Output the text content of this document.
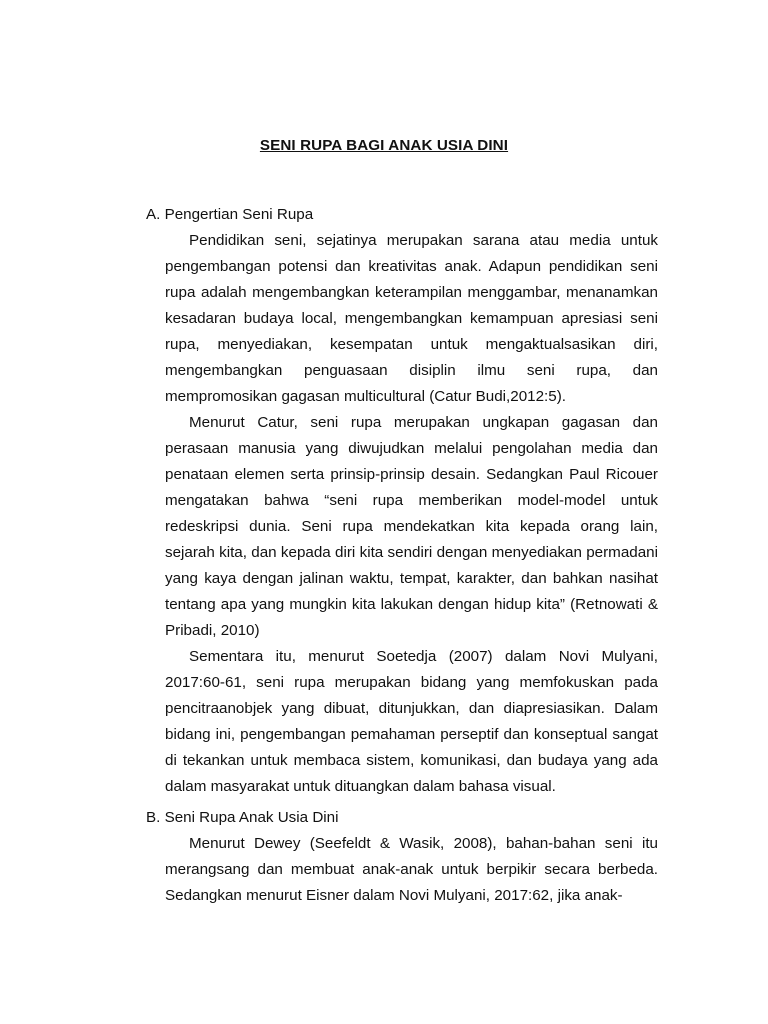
SENI RUPA BAGI ANAK USIA DINI
A. Pengertian Seni Rupa

Pendidikan seni, sejatinya merupakan sarana atau media untuk pengembangan potensi dan kreativitas anak. Adapun pendidikan seni rupa adalah mengembangkan keterampilan menggambar, menanamkan kesadaran budaya local, mengembangkan kemampuan apresiasi seni rupa, menyediakan, kesempatan untuk mengaktualsasikan diri, mengembangkan penguasaan disiplin ilmu seni rupa, dan mempromosikan gagasan multicultural (Catur Budi,2012:5).

Menurut Catur, seni rupa merupakan ungkapan gagasan dan perasaan manusia yang diwujudkan melalui pengolahan media dan penataan elemen serta prinsip-prinsip desain. Sedangkan Paul Ricouer mengatakan bahwa “seni rupa memberikan model-model untuk redeskripsi dunia. Seni rupa mendekatkan kita kepada orang lain, sejarah kita, dan kepada diri kita sendiri dengan menyediakan permadani yang kaya dengan jalinan waktu, tempat, karakter, dan bahkan nasihat tentang apa yang mungkin kita lakukan dengan hidup kita” (Retnowati & Pribadi, 2010)

Sementara itu, menurut Soetedja (2007) dalam Novi Mulyani, 2017:60-61, seni rupa merupakan bidang yang memfokuskan pada pencitraanobjek yang dibuat, ditunjukkan, dan diapresiasikan. Dalam bidang ini, pengembangan pemahaman perseptif dan konseptual sangat di tekankan untuk membaca sistem, komunikasi, dan budaya yang ada dalam masyarakat untuk dituangkan dalam bahasa visual.

B. Seni Rupa Anak Usia Dini

Menurut Dewey (Seefeldt & Wasik, 2008), bahan-bahan seni itu merangsang dan membuat anak-anak untuk berpikir secara berbeda. Sedangkan menurut Eisner dalam Novi Mulyani, 2017:62, jika anak-
